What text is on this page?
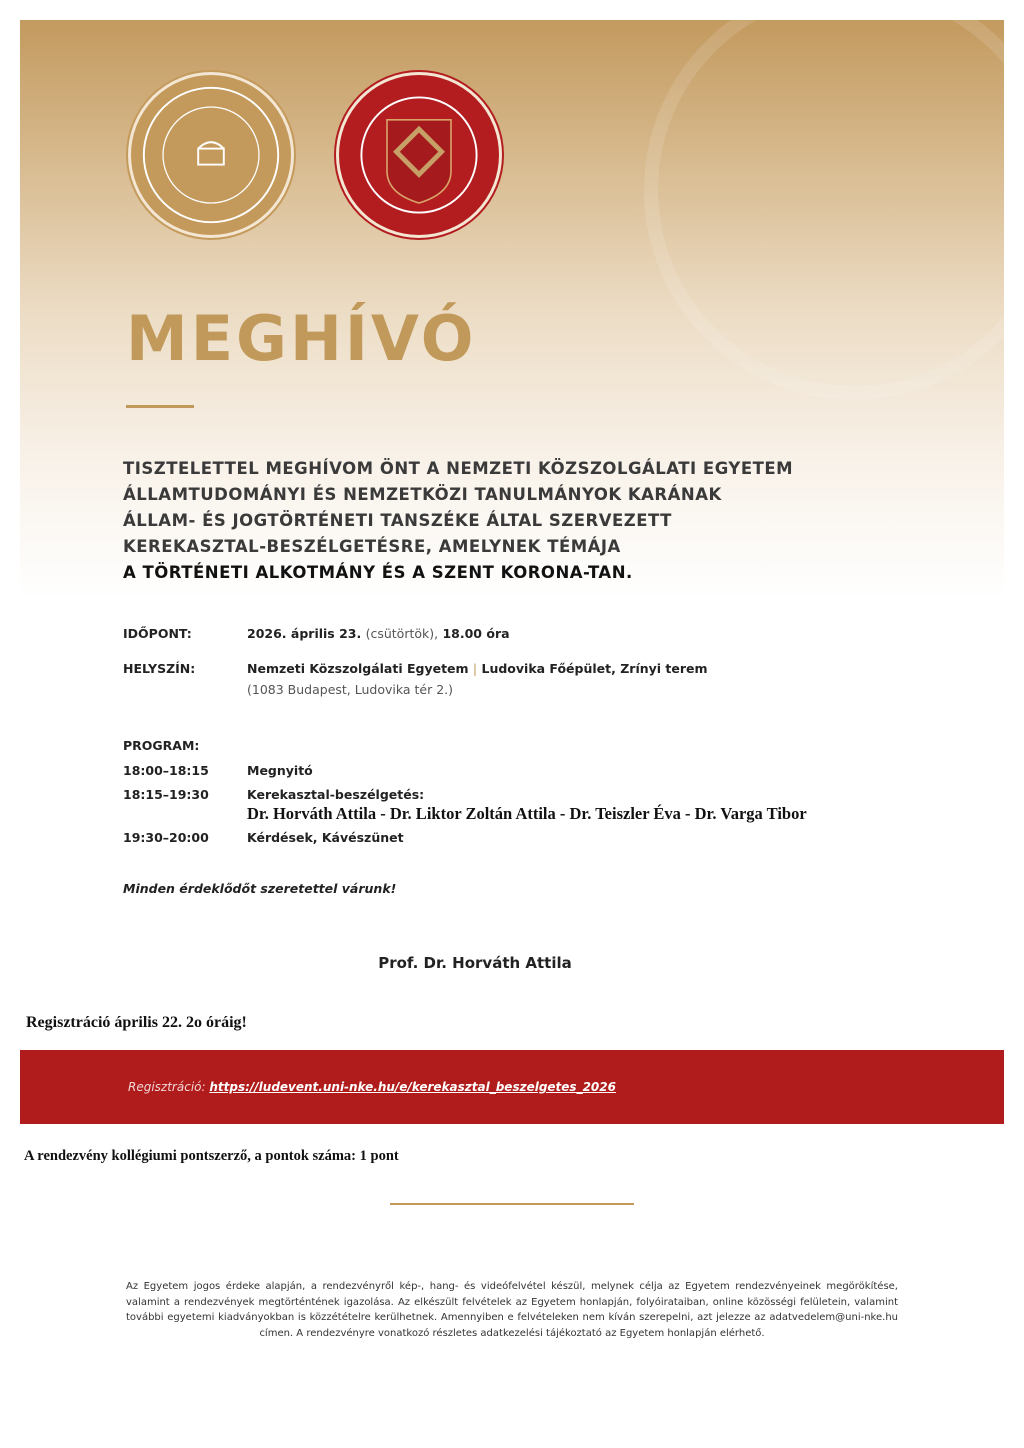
MEGHÍVÓ
TISZTELETTEL MEGHÍVOM ÖNT A NEMZETI KÖZSZOLGÁLATI EGYETEM
ÁLLAMTUDOMÁNYI ÉS NEMZETKÖZI TANULMÁNYOK KARÁNAK
ÁLLAM- ÉS JOGTÖRTÉNETI TANSZÉKE ÁLTAL SZERVEZETT
KEREKASZTAL-BESZÉLGETÉSRE, AMELYNEK TÉMÁJA
A TÖRTÉNETI ALKOTMÁNY ÉS A SZENT KORONA-TAN.
IDŐPONT:	2026. április 23. (csütörtök), 18.00 óra
HELYSZÍN:	Nemzeti Közszolgálati Egyetem | Ludovika Főépület, Zrínyi terem
(1083 Budapest, Ludovika tér 2.)
PROGRAM:
18:00–18:15	Megnyitó
18:15–19:30	Kerekasztal-beszélgetés:
Dr. Horváth Attila - Dr. Liktor Zoltán Attila - Dr. Teiszler Éva - Dr. Varga Tibor
19:30–20:00	Kérdések, Kávészünet
Minden érdeklődőt szeretettel várunk!
Prof. Dr. Horváth Attila
Regisztráció április 22. 2o óráig!
Regisztráció: https://ludevent.uni-nke.hu/e/kerekasztal_beszelgetes_2026
A rendezvény kollégiumi pontszerző, a pontok száma: 1 pont
Az Egyetem jogos érdeke alapján, a rendezvényről kép-, hang- és videófelvétel készül, melynek célja az Egyetem rendezvényeinek megörökítése, valamint a rendezvények megtörténtének igazolása. Az elkészült felvételek az Egyetem honlapján, folyóirataiban, online közösségi felületein, valamint további egyetemi kiadványokban is közzétételre kerülhetnek. Amennyiben e felvételeken nem kíván szerepelni, azt jelezze az adatvedelem@uni-nke.hu címen. A rendezvényre vonatkozó részletes adatkezelési tájékoztató az Egyetem honlapján elérhető.
